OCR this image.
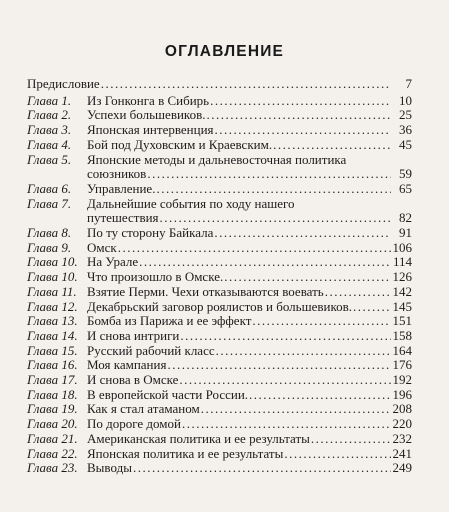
ОГЛАВЛЕНИЕ
Предисловие .....	7
Глава 1.	Из Гонконга в Сибирь .....	10
Глава 2.	Успехи большевиков. .....	25
Глава 3.	Японская интервенция .....	36
Глава 4.	Бой под Духовским и Краевским. .....	45
Глава 5.	Японские методы и дальневосточная политика
союзников .....	59
Глава 6.	Управление. .....	65
Глава 7.	Дальнейшие события по ходу нашего
путешествия .....	82
Глава 8.	По ту сторону Байкала .....	91
Глава 9.	Омск .....	106
Глава 10. На Урале .....	114
Глава 10. Что произошло в Омске. .....	126
Глава 11. Взятие Перми. Чехи отказываются воевать .....	142
Глава 12. Декабрьский заговор роялистов и большевиков. .....	145
Глава 13. Бомба из Парижа и ее эффект .....	151
Глава 14. И снова интриги .....	158
Глава 15. Русский рабочий класс .....	164
Глава 16. Моя кампания .....	176
Глава 17. И снова в Омске .....	192
Глава 18. В европейской части России. .....	196
Глава 19. Как я стал атаманом .....	208
Глава 20. По дороге домой .....	220
Глава 21. Американская политика и ее результаты .....	232
Глава 22. Японская политика и ее результаты .....	241
Глава 23. Выводы .....	249
